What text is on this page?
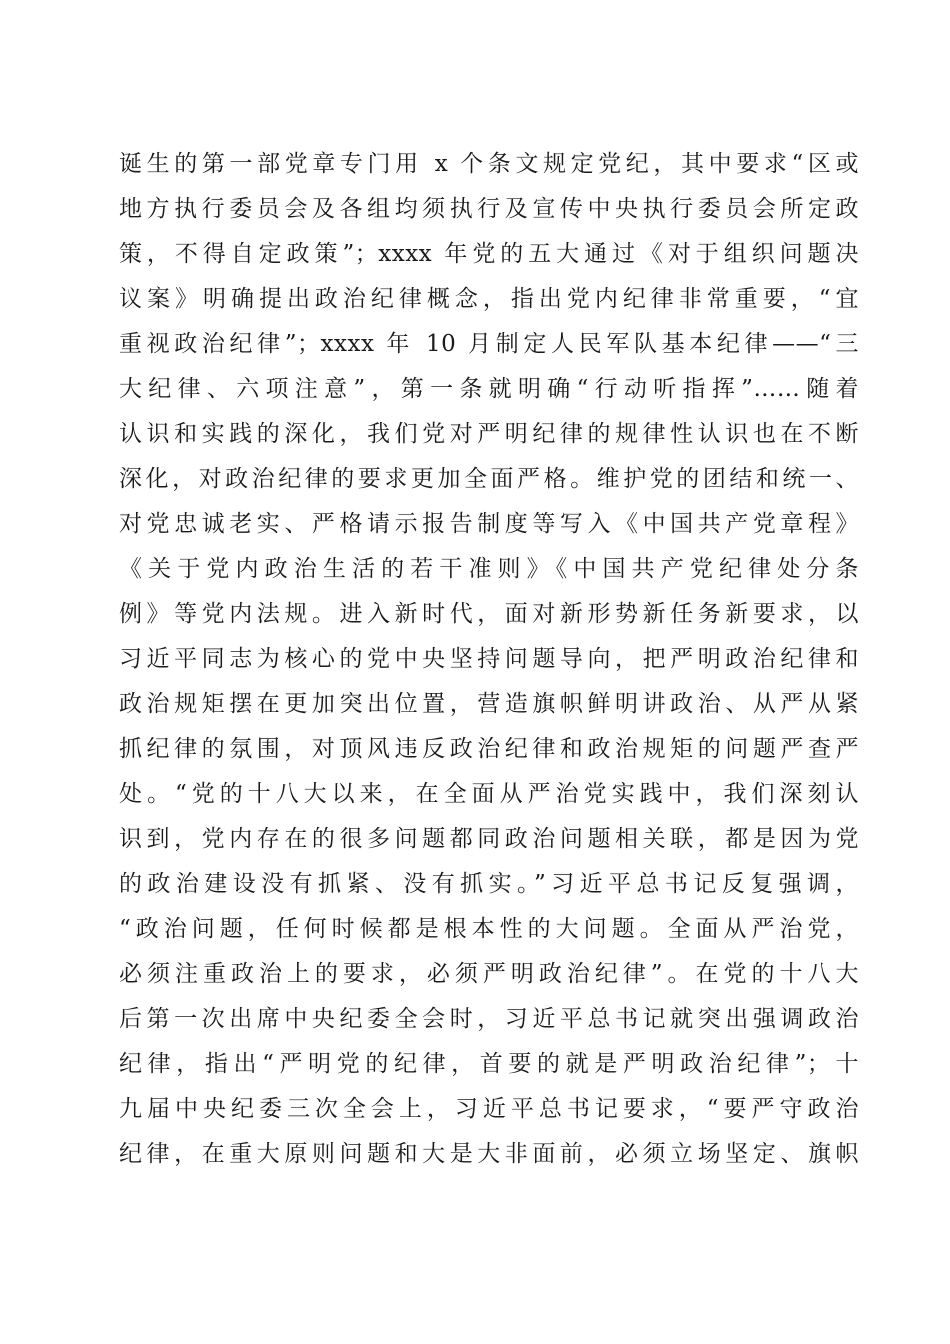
诞生的第一部党章专门用 x 个条文规定党纪，其中要求“区或
地方执行委员会及各组均须执行及宣传中央执行委员会所定政
策，不得自定政策”；xxxx 年党的五大通过《对于组织问题决
议案》明确提出政治纪律概念，指出党内纪律非常重要，“宜
重视政治纪律”；xxxx 年 10 月制定人民军队基本纪律——“三
大纪律、六项注意”，第一条就明确“行动听指挥”……随着
认识和实践的深化，我们党对严明纪律的规律性认识也在不断
深化，对政治纪律的要求更加全面严格。维护党的团结和统一、
对党忠诚老实、严格请示报告制度等写入《中国共产党章程》
《关于党内政治生活的若干准则》《中国共产党纪律处分条
例》等党内法规。进入新时代，面对新形势新任务新要求，以
习近平同志为核心的党中央坚持问题导向，把严明政治纪律和
政治规矩摆在更加突出位置，营造旗帜鲜明讲政治、从严从紧
抓纪律的氛围，对顶风违反政治纪律和政治规矩的问题严查严
处。“党的十八大以来，在全面从严治党实践中，我们深刻认
识到，党内存在的很多问题都同政治问题相关联，都是因为党
的政治建设没有抓紧、没有抓实。”习近平总书记反复强调，
“政治问题，任何时候都是根本性的大问题。全面从严治党，
必须注重政治上的要求，必须严明政治纪律”。在党的十八大
后第一次出席中央纪委全会时，习近平总书记就突出强调政治
纪律，指出“严明党的纪律，首要的就是严明政治纪律”；十
九届中央纪委三次全会上，习近平总书记要求，“要严守政治
纪律，在重大原则问题和大是大非面前，必须立场坚定、旗帜
